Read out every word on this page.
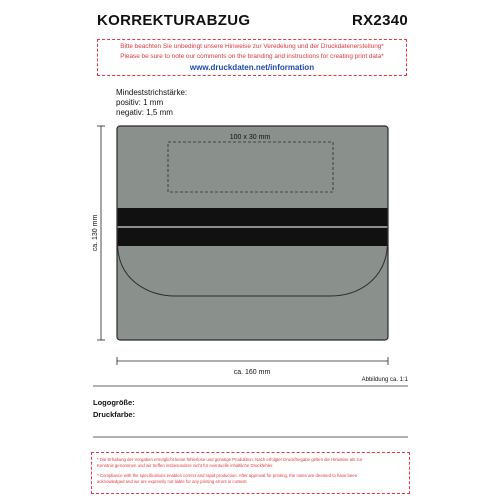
KORREKTURABZUG	RX2340
Bitte beachten Sie unbedingt unsere Hinweise zur Veredelung und der Druckdatenerstellung*
Please be sure to note our comments on the branding and instructions for creating print data*
www.druckdaten.net/information
Mindeststrichstärke:
positiv: 1 mm
negativ: 1,5 mm
100 x 30 mm
ca. 130 mm
ca. 160 mm
Abbildung ca. 1:1
Logogröße:
Druckfarbe:
* Die Erhaltung der Vorgaben ermöglicht keine fehlerlose und günstige Produktion. Nach erfolgter Druckfreigabe gelten die Hinweise als zur
Kenntnis genommen und wir treffen insbesondere nicht für eventuelle inhaltliche Druckfehler.
* Compliance with the specifications enables correct and rapid production. After approval for printing, the notes are deemed to have been
acknowledged and we are expressly not liable for any printing errors in content.
